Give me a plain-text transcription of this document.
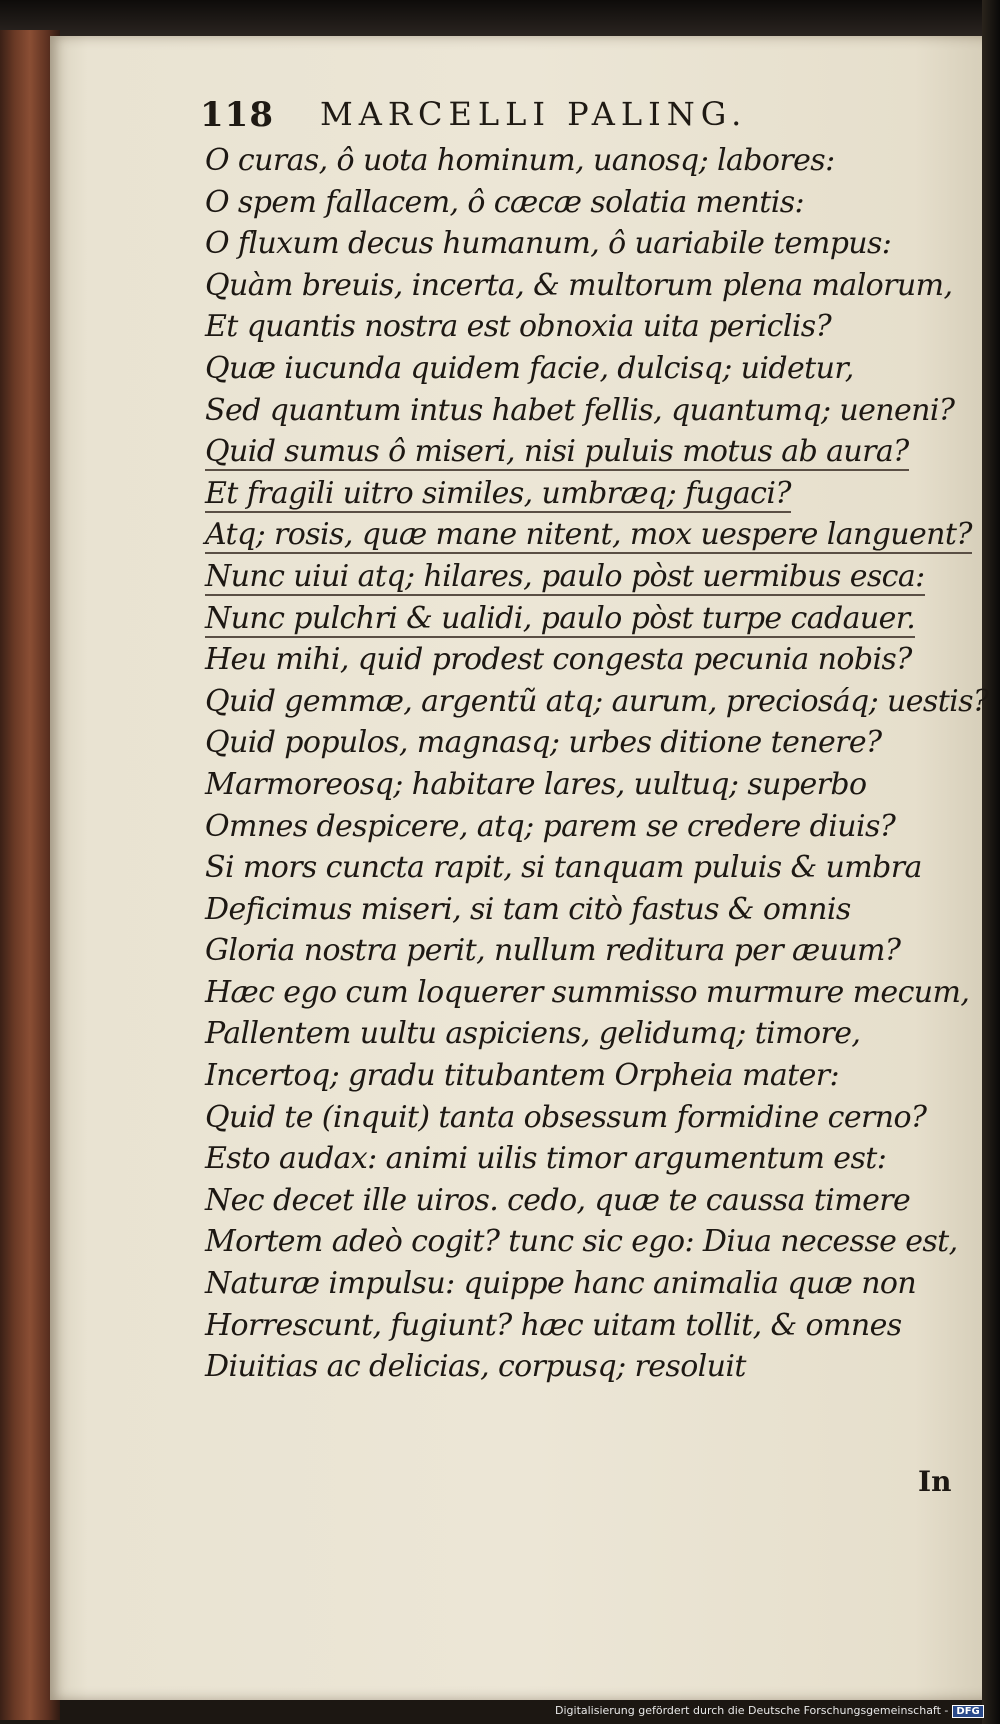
118 MARCELLI PALING.
O curas, ô uota hominum, uanosq; labores:
O spem fallacem, ô cæcæ solatia mentis:
O fluxum decus humanum, ô uariabile tempus:
Quàm breuis, incerta, & multorum plena malorum,
Et quantis nostra est obnoxia uita periclis?
Quæ iucunda quidem facie, dulcisq; uidetur,
Sed quantum intus habet fellis, quantumq; ueneni?
Quid sumus ô miseri, nisi puluis motus ab aura?
Et fragili uitro similes, umbræq; fugaci?
Atq; rosis, quæ mane nitent, mox uespere languent?
Nunc uiui atq; hilares, paulo pòst uermibus esca:
Nunc pulchri & ualidi, paulo pòst turpe cadauer.
Heu mihi, quid prodest congesta pecunia nobis?
Quid gemmæ, argentũ atq; aurum, preciosáq; uestis?
Quid populos, magnasq; urbes ditione tenere?
Marmoreosq; habitare lares, uultuq; superbo
Omnes despicere, atq; parem se credere diuis?
Si mors cuncta rapit, si tanquam puluis & umbra
Deficimus miseri, si tam citò fastus & omnis
Gloria nostra perit, nullum reditura per æuum?
Hæc ego cum loquerer summisso murmure mecum,
Pallentem uultu aspiciens, gelidumq; timore,
Incertoq; gradu titubantem Orpheia mater:
Quid te (inquit) tanta obsessum formidine cerno?
Esto audax: animi uilis timor argumentum est:
Nec decet ille uiros. cedo, quæ te caussa timere
Mortem adeò cogit? tunc sic ego: Diua necesse est,
Naturæ impulsu: quippe hanc animalia quæ non
Horrescunt, fugiunt? hæc uitam tollit, & omnes
Diuitias ac delicias, corpusq; resoluit
In
Digitalisierung gefördert durch die Deutsche Forschungsgemeinschaft - DFG
